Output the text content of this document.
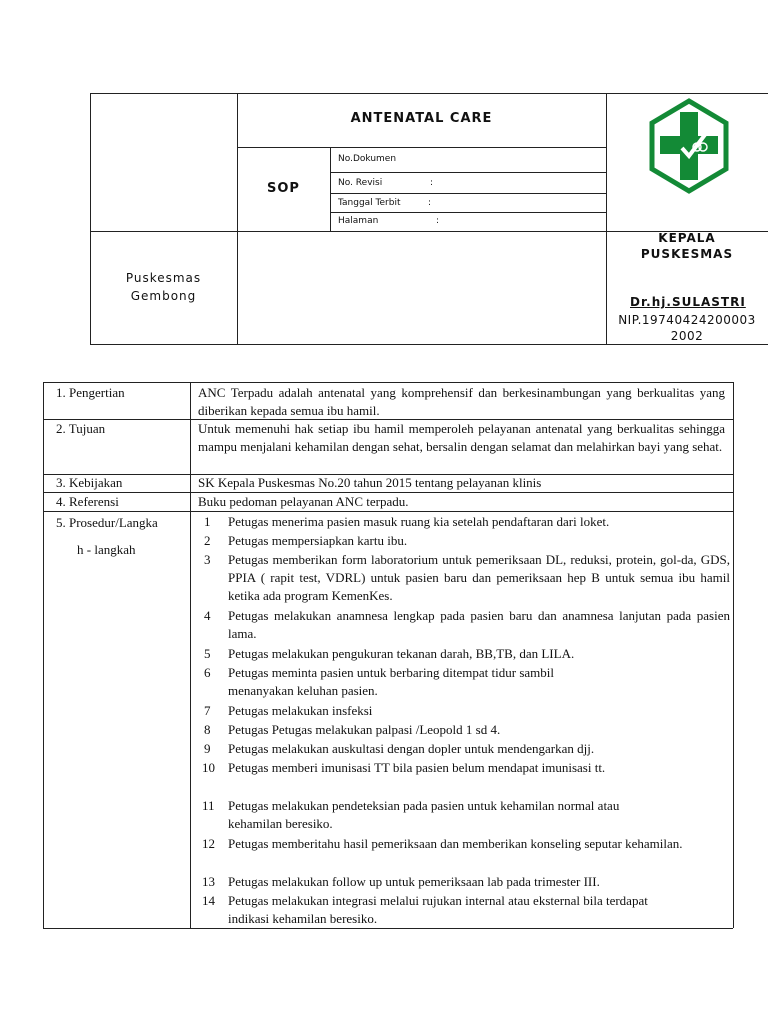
ANTENATAL CARE
SOP
No.Dokumen
No. Revisi	:
Tanggal Terbit	:
Halaman	:
Puskesmas
Gembong
KEPALA
PUSKESMAS
Dr.hj.SULASTRI
NIP.19740424200003
2002
1. Pengertian	ANC Terpadu adalah antenatal yang komprehensif dan berkesinambungan yang berkualitas yang diberikan kepada semua ibu hamil.
2. Tujuan	Untuk memenuhi hak setiap ibu hamil memperoleh pelayanan antenatal yang berkualitas sehingga mampu menjalani kehamilan dengan sehat, bersalin dengan selamat dan melahirkan bayi yang sehat.
3. Kebijakan	SK Kepala Puskesmas No.20 tahun 2015 tentang pelayanan klinis
4. Referensi	Buku pedoman pelayanan ANC terpadu.
5. Prosedur/Langka
h - langkah
1 Petugas menerima pasien masuk ruang kia setelah pendaftaran dari loket.
2 Petugas mempersiapkan kartu ibu.
3 Petugas memberikan form laboratorium untuk pemeriksaan DL, reduksi, protein, gol-da, GDS, PPIA ( rapit test, VDRL) untuk pasien baru dan pemeriksaan hep B untuk semua ibu hamil ketika ada program KemenKes.
4 Petugas melakukan anamnesa lengkap pada pasien baru dan anamnesa lanjutan pada pasien lama.
5 Petugas melakukan pengukuran tekanan darah, BB,TB, dan LILA.
6 Petugas meminta pasien untuk berbaring ditempat tidur sambil menanyakan keluhan pasien.
7 Petugas melakukan insfeksi
8 Petugas Petugas melakukan palpasi /Leopold 1 sd 4.
9 Petugas melakukan auskultasi dengan dopler untuk mendengarkan djj.
10 Petugas memberi imunisasi TT bila pasien belum mendapat imunisasi tt.
11 Petugas melakukan pendeteksian pada pasien untuk kehamilan normal atau kehamilan beresiko.
12 Petugas memberitahu hasil pemeriksaan dan memberikan konseling seputar kehamilan.
13 Petugas melakukan follow up untuk pemeriksaan lab pada trimester III.
14 Petugas melakukan integrasi melalui rujukan internal atau eksternal bila terdapat indikasi kehamilan beresiko.
